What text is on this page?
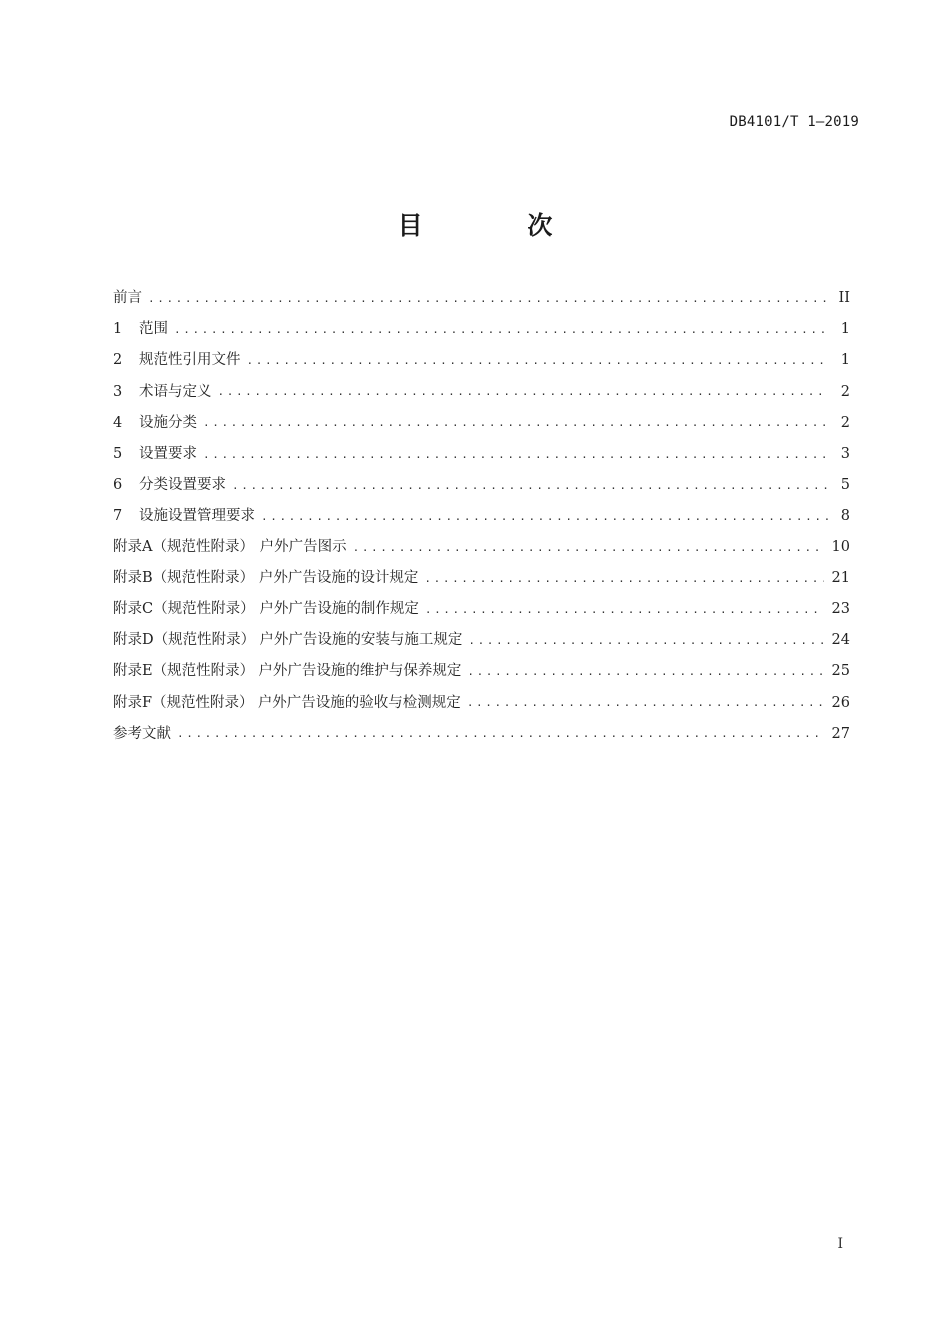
DB4101/T 1—2019
目 次
前言 .....	II
1	范围 .....	1
2	规范性引用文件 .....	1
3	术语与定义 .....	2
4	设施分类 .....	2
5	设置要求 .....	3
6	分类设置要求 .....	5
7	设施设置管理要求 .....	8
附录A（规范性附录） 户外广告图示 .....	10
附录B（规范性附录） 户外广告设施的设计规定 .....	21
附录C（规范性附录） 户外广告设施的制作规定 .....	23
附录D（规范性附录） 户外广告设施的安装与施工规定 .....	24
附录E（规范性附录） 户外广告设施的维护与保养规定 .....	25
附录F（规范性附录） 户外广告设施的验收与检测规定 .....	26
参考文献 .....	27
I
